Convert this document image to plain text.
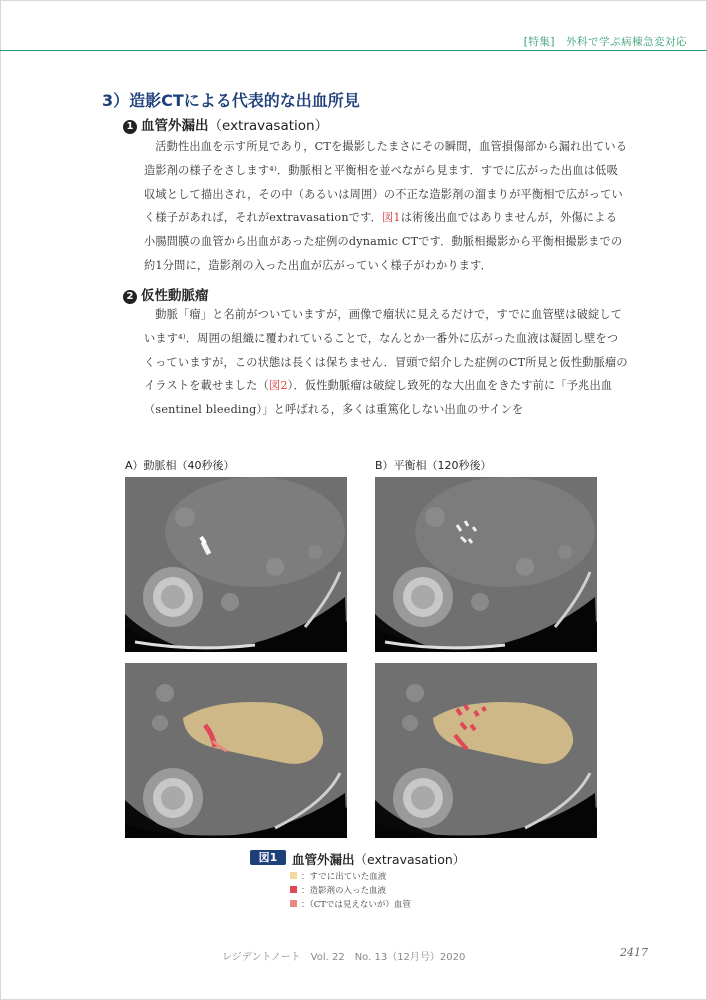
[特集]　外科で学ぶ病棟急変対応
3）造影CTによる代表的な出血所見
1 血管外漏出（extravasation）

活動性出血を示す所見であり，CTを撮影したまさにその瞬間，血管損傷部から漏れ出ている造影剤の様子をさします⁴⁾．動脈相と平衡相を並べながら見ます．すでに広がった出血は低吸収域として描出され，その中（あるいは周囲）の不正な造影剤の溜まりが平衡相で広がっていく様子があれば，それがextravasationです．図1は術後出血ではありませんが，外傷による小腸間膜の血管から出血があった症例のdynamic CTです．動脈相撮影から平衡相撮影までの約1分間に，造影剤の入った出血が広がっていく様子がわかります．

2 仮性動脈瘤

動脈「瘤」と名前がついていますが，画像で瘤状に見えるだけで，すでに血管壁は破綻しています⁴⁾．周囲の組織に覆われていることで，なんとか一番外に広がった血液は凝固し壁をつくっていますが，この状態は長くは保ちません．冒頭で紹介した症例のCT所見と仮性動脈瘤のイラストを載せました（図2）．仮性動脈瘤は破綻し致死的な大出血をきたす前に「予兆出血（sentinel bleeding）」と呼ばれる，多くは重篤化しない出血のサインを

A）動脈相（40秒後）	B）平衡相（120秒後）
図1	血管外漏出（extravasation）
：すでに出ていた血液
：造影剤の入った血液
：（CTでは見えないが）血管
レジデントノート　Vol. 22　No. 13（12月号）2020	2417
